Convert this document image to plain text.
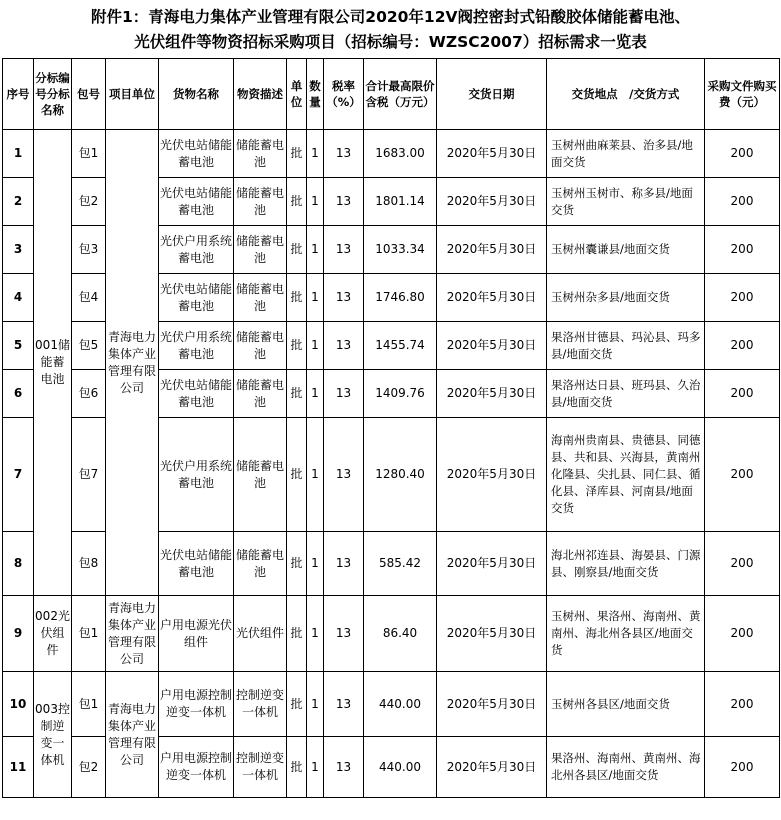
附件1：青海电力集体产业管理有限公司2020年12V阀控密封式铅酸胶体储能蓄电池、
光伏组件等物资招标采购项目（招标编号：WZSC2007）招标需求一览表
序号	分标编号分标名称	包号	项目单位	货物名称	物资描述	单位	数量	税率（%）	合计最高限价含税（万元）	交货日期	交货地点　/交货方式	采购文件购买费（元）
1	001储能蓄电池	包1	青海电力集体产业管理有限公司	光伏电站储能蓄电池	储能蓄电池	批	1	13	1683.00	2020年5月30日	玉树州曲麻莱县、治多县/地面交货	200
2		包2		光伏电站储能蓄电池	储能蓄电池	批	1	13	1801.14	2020年5月30日	玉树州玉树市、称多县/地面交货	200
3		包3		光伏户用系统蓄电池	储能蓄电池	批	1	13	1033.34	2020年5月30日	玉树州囊谦县/地面交货	200
4		包4		光伏电站储能蓄电池	储能蓄电池	批	1	13	1746.80	2020年5月30日	玉树州杂多县/地面交货	200
5		包5		光伏户用系统蓄电池	储能蓄电池	批	1	13	1455.74	2020年5月30日	果洛州甘德县、玛沁县、玛多县/地面交货	200
6		包6		光伏电站储能蓄电池	储能蓄电池	批	1	13	1409.76	2020年5月30日	果洛州达日县、班玛县、久治县/地面交货	200
7		包7		光伏户用系统蓄电池	储能蓄电池	批	1	13	1280.40	2020年5月30日	海南州贵南县、贵德县、同德县、共和县、兴海县，黄南州化隆县、尖扎县、同仁县、循化县、泽库县、河南县/地面交货	200
8		包8		光伏电站储能蓄电池	储能蓄电池	批	1	13	585.42	2020年5月30日	海北州祁连县、海晏县、门源县、刚察县/地面交货	200
9	002光伏组件	包1	青海电力集体产业管理有限公司	户用电源光伏组件	光伏组件	批	1	13	86.40	2020年5月30日	玉树州、果洛州、海南州、黄南州、海北州各县区/地面交货	200
10	003控制逆变一体机	包1	青海电力集体产业管理有限公司	户用电源控制逆变一体机	控制逆变一体机	批	1	13	440.00	2020年5月30日	玉树州各县区/地面交货	200
11		包2		户用电源控制逆变一体机	控制逆变一体机	批	1	13	440.00	2020年5月30日	果洛州、海南州、黄南州、海北州各县区/地面交货	200
